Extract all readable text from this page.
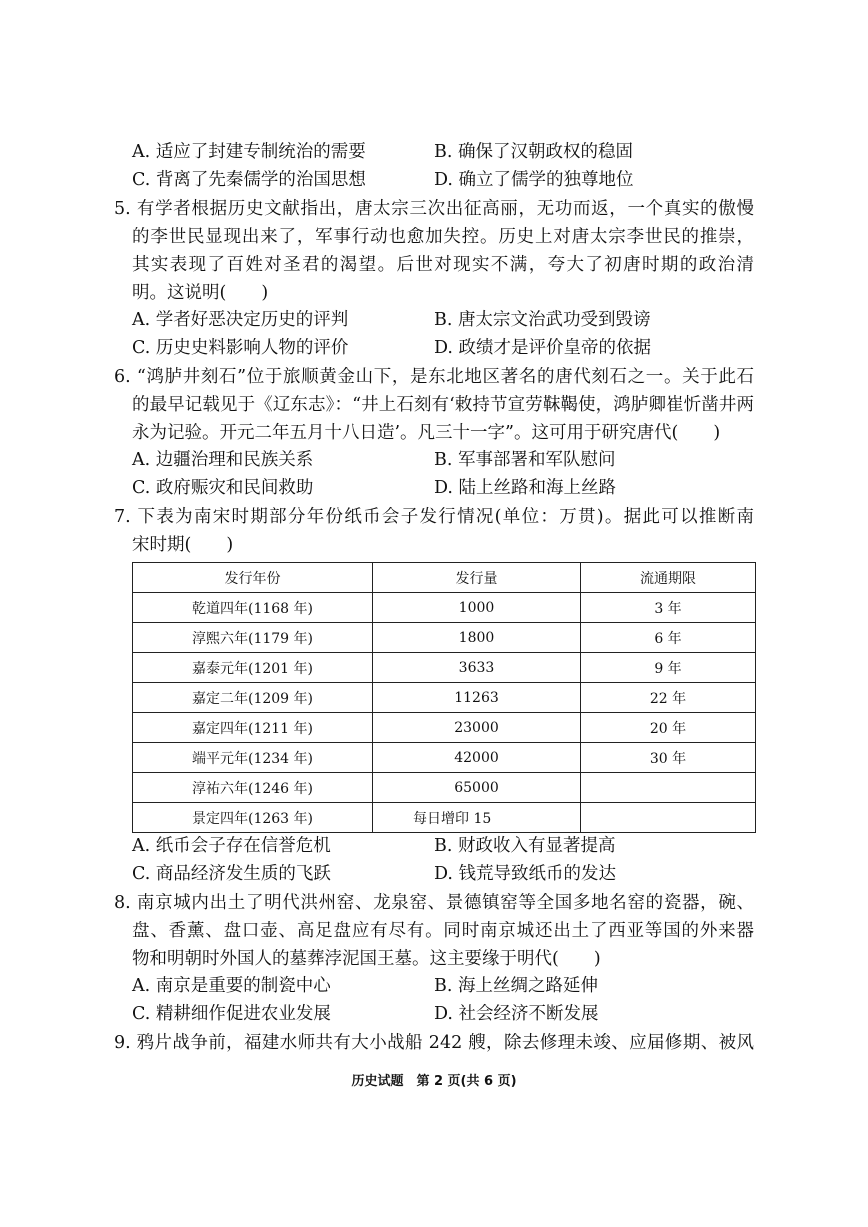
A. 适应了封建专制统治的需要	B. 确保了汉朝政权的稳固
C. 背离了先秦儒学的治国思想	D. 确立了儒学的独尊地位
5. 有学者根据历史文献指出，唐太宗三次出征高丽，无功而返，一个真实的傲慢
的李世民显现出来了，军事行动也愈加失控。历史上对唐太宗李世民的推崇，
其实表现了百姓对圣君的渴望。后世对现实不满，夸大了初唐时期的政治清
明。这说明(　　)
A. 学者好恶决定历史的评判	B. 唐太宗文治武功受到毁谤
C. 历史史料影响人物的评价	D. 政绩才是评价皇帝的依据
6. “鸿胪井刻石”位于旅顺黄金山下，是东北地区著名的唐代刻石之一。关于此石
的最早记载见于《辽东志》：“井上石刻有‘敕持节宣劳靺鞨使，鸿胪卿崔忻凿井两
永为记验。开元二年五月十八日造’。凡三十一字”。这可用于研究唐代(　　)
A. 边疆治理和民族关系	B. 军事部署和军队慰问
C. 政府赈灾和民间救助	D. 陆上丝路和海上丝路
7. 下表为南宋时期部分年份纸币会子发行情况(单位：万贯)。据此可以推断南
宋时期(　　)
发行年份	发行量	流通期限
乾道四年(1168 年)	1000	3 年
淳熙六年(1179 年)	1800	6 年
嘉泰元年(1201 年)	3633	9 年
嘉定二年(1209 年)	11263	22 年
嘉定四年(1211 年)	23000	20 年
端平元年(1234 年)	42000	30 年
淳祐六年(1246 年)	65000	
景定四年(1263 年)	每日增印 15	
A. 纸币会子存在信誉危机	B. 财政收入有显著提高
C. 商品经济发生质的飞跃	D. 钱荒导致纸币的发达
8. 南京城内出土了明代洪州窑、龙泉窑、景德镇窑等全国多地名窑的瓷器，碗、
盘、香薰、盘口壶、高足盘应有尽有。同时南京城还出土了西亚等国的外来器
物和明朝时外国人的墓葬浡泥国王墓。这主要缘于明代(　　)
A. 南京是重要的制瓷中心	B. 海上丝绸之路延伸
C. 精耕细作促进农业发展	D. 社会经济不断发展
9. 鸦片战争前，福建水师共有大小战船 242 艘，除去修理未竣、应届修期、被风
历史试题　第 2 页(共 6 页)
